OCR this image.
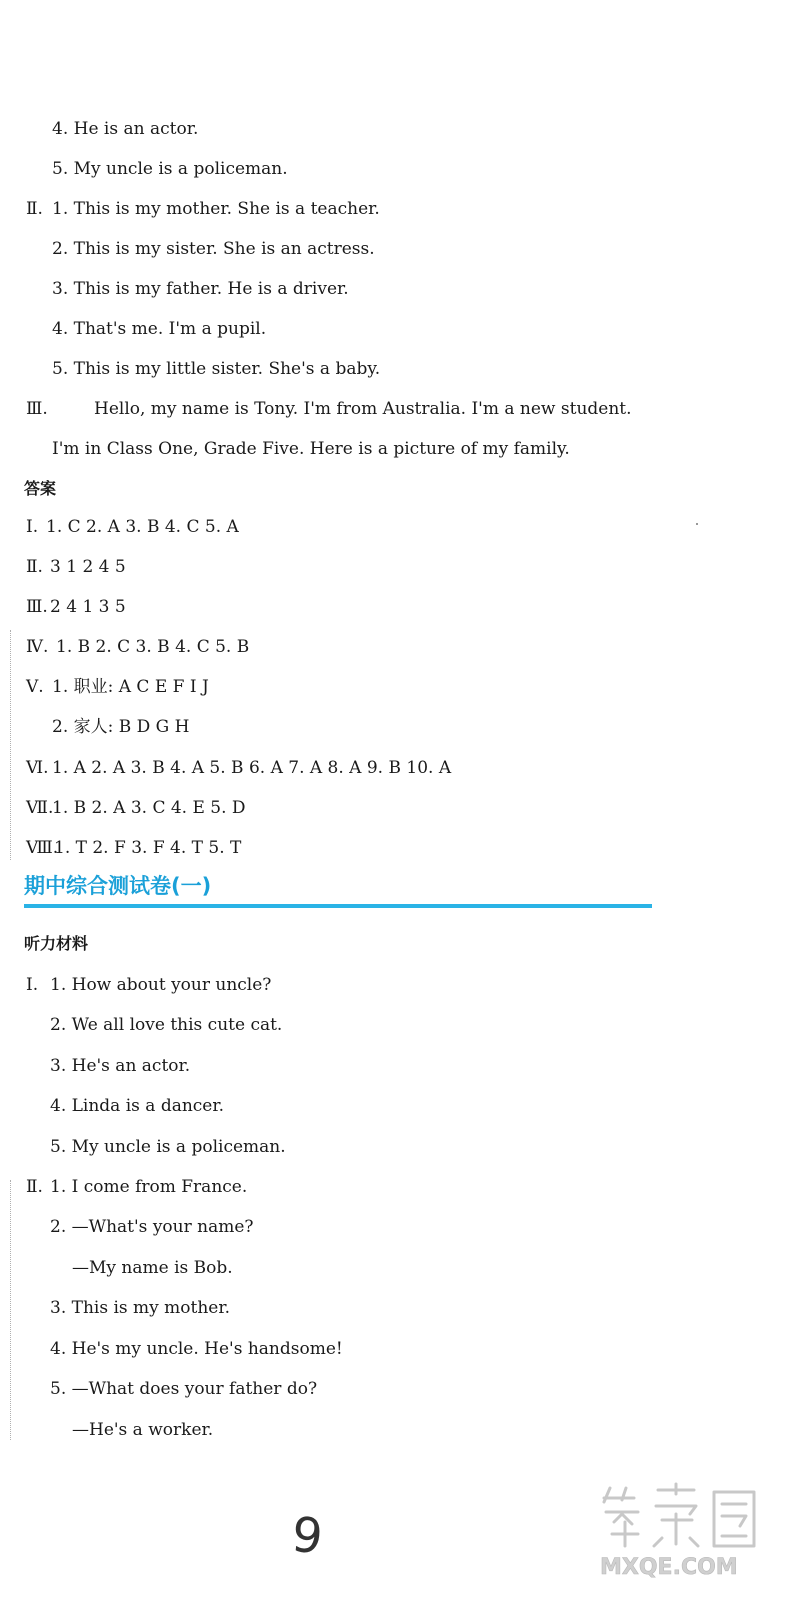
4. He is an actor.
5. My uncle is a policeman.
Ⅱ.1. This is my mother. She is a teacher.
2. This is my sister. She is an actress.
3. This is my father. He is a driver.
4. That's me. I'm a pupil.
5. This is my little sister. She's a baby.
Ⅲ.	Hello, my name is Tony. I'm from Australia. I'm a new student.
I'm in Class One, Grade Five. Here is a picture of my family.
答案
Ⅰ. 1. C 2. A 3. B 4. C 5. A
Ⅱ. 3 1 2 4 5
Ⅲ. 2 4 1 3 5
Ⅳ. 1. B 2. C 3. B 4. C 5. B
Ⅴ. 1. 职业: A C E F I J
2. 家人: B D G H
Ⅵ. 1. A 2. A 3. B 4. A 5. B 6. A 7. A 8. A 9. B 10. A
Ⅶ.1. B 2. A 3. C 4. E 5. D
Ⅷ.1. T 2. F 3. F 4. T 5. T
期中综合测试卷(一)
听力材料
Ⅰ. 1. How about your uncle?
2. We all love this cute cat.
3. He's an actor.
4. Linda is a dancer.
5. My uncle is a policeman.
Ⅱ. 1. I come from France.
2. —What's your name?
—My name is Bob.
3. This is my mother.
4. He's my uncle. He's handsome!
5. —What does your father do?
—He's a worker.
9
MXQE.COM
